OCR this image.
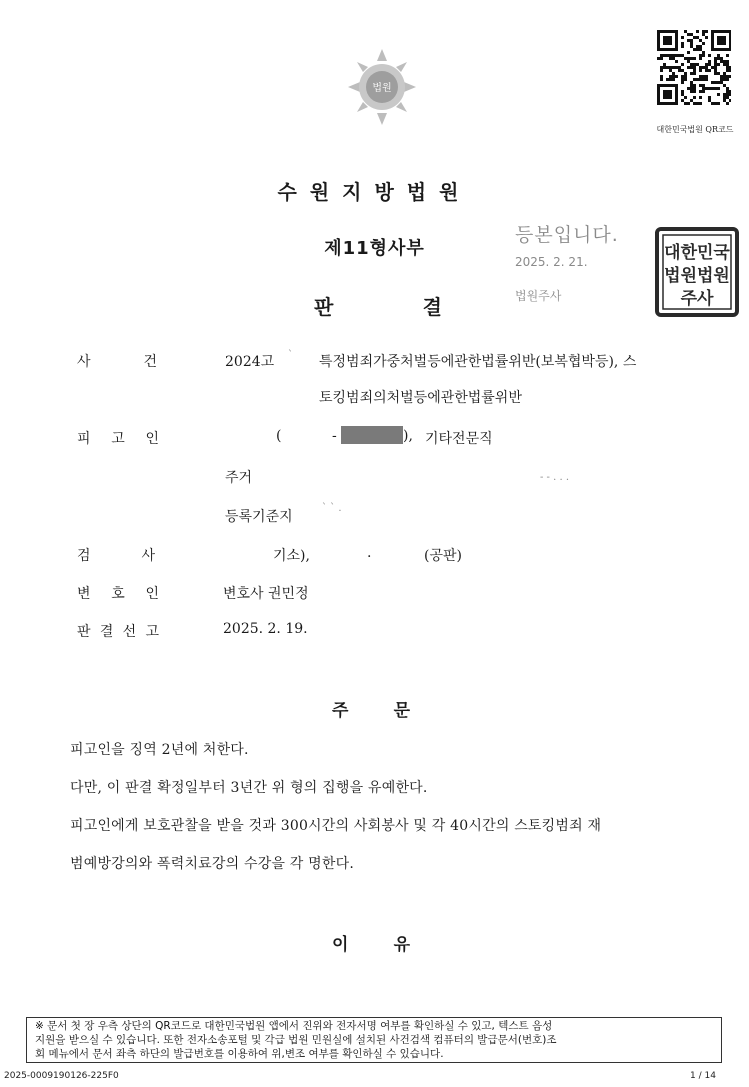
법원
대한민국법원 QR코드
수원지방법원
제11형사부
판	결
등본입니다.
2025. 2. 21.
법원주사
대한민국
법원법원
주사
사	건	2024고 ` 특정범죄가중처벌등에관한법률위반(보복협박등), 스
토킹범죄의처벌등에관한법률위반
피 고 인	(	-	), 기타전문직
주거	- - . . .
등록기준지
` ` .
검	사	기소),	.	(공판)
변 호 인	변호사 권민정
판 결 선 고	2025. 2. 19.
주	문
피고인을 징역 2년에 처한다.
다만, 이 판결 확정일부터 3년간 위 형의 집행을 유예한다.
피고인에게 보호관찰을 받을 것과 300시간의 사회봉사 및 각 40시간의 스토킹범죄 재
범예방강의와 폭력치료강의 수강을 각 명한다.
이	유
※ 문서 첫 장 우측 상단의 QR코드로 대한민국법원 앱에서 진위와 전자서명 여부를 확인하실 수 있고, 텍스트 음성
지원을 받으실 수 있습니다. 또한 전자소송포털 및 각급 법원 민원실에 설치된 사건검색 컴퓨터의 발급문서(번호)조
회 메뉴에서 문서 좌측 하단의 발급번호를 이용하여 위,변조 여부를 확인하실 수 있습니다.
2025-0009190126-225F0	1 / 14
